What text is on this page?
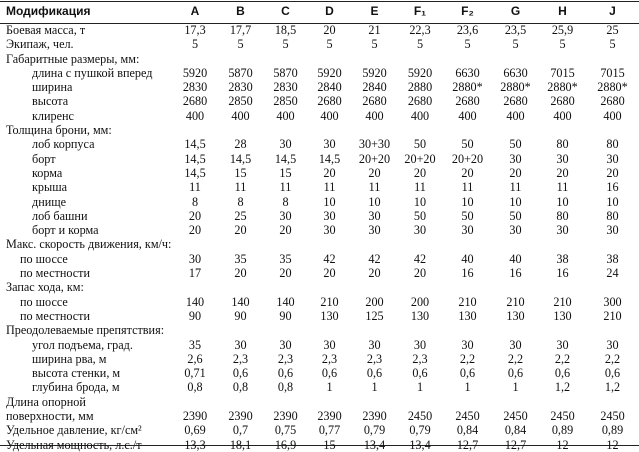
Модификация	A	B	C	D	E	F₁	F₂	G	H	J
Боевая масса, т	17,3	17,7	18,5	20	21	22,3	23,6	23,5	25,9	25
Экипаж, чел.	5	5	5	5	5	5	5	5	5	5
Габаритные размеры, мм:										
длина с пушкой вперед	5920	5870	5870	5920	5920	5920	6630	6630	7015	7015
ширина	2830	2830	2830	2840	2840	2880	2880*	2880*	2880*	2880*
высота	2680	2850	2850	2680	2680	2680	2680	2680	2680	2680
клиренс	400	400	400	400	400	400	400	400	400	400
Толщина брони, мм:										
лоб корпуса	14,5	28	30	30	30+30	50	50	50	80	80
борт	14,5	14,5	14,5	14,5	20+20	20+20	20+20	30	30	30
корма	14,5	15	15	20	20	20	20	20	20	20
крыша	11	11	11	11	11	11	11	11	11	16
днище	8	8	8	10	10	10	10	10	10	10
лоб башни	20	25	30	30	30	50	50	50	80	80
борт и корма	20	20	20	30	30	30	30	30	30	30
Макс. скорость движения, км/ч:										
по шоссе	30	35	35	42	42	42	40	40	38	38
по местности	17	20	20	20	20	20	16	16	16	24
Запас хода, км:										
по шоссе	140	140	140	210	200	200	210	210	210	300
по местности	90	90	90	130	125	130	130	130	130	210
Преодолеваемые препятствия:										
угол подъема, град.	35	30	30	30	30	30	30	30	30	30
ширина рва, м	2,6	2,3	2,3	2,3	2,3	2,3	2,2	2,2	2,2	2,2
высота стенки, м	0,71	0,6	0,6	0,6	0,6	0,6	0,6	0,6	0,6	0,6
глубина брода, м	0,8	0,8	0,8	1	1	1	1	1	1,2	1,2
Длина опорной										
поверхности, мм	2390	2390	2390	2390	2390	2450	2450	2450	2450	2450
Удельное давление, кг/см²	0,69	0,7	0,75	0,77	0,79	0,79	0,84	0,84	0,89	0,89
Удельная мощность, л.с./т	13,3	18,1	16,9	15	13,4	13,4	12,7	12,7	12	12
